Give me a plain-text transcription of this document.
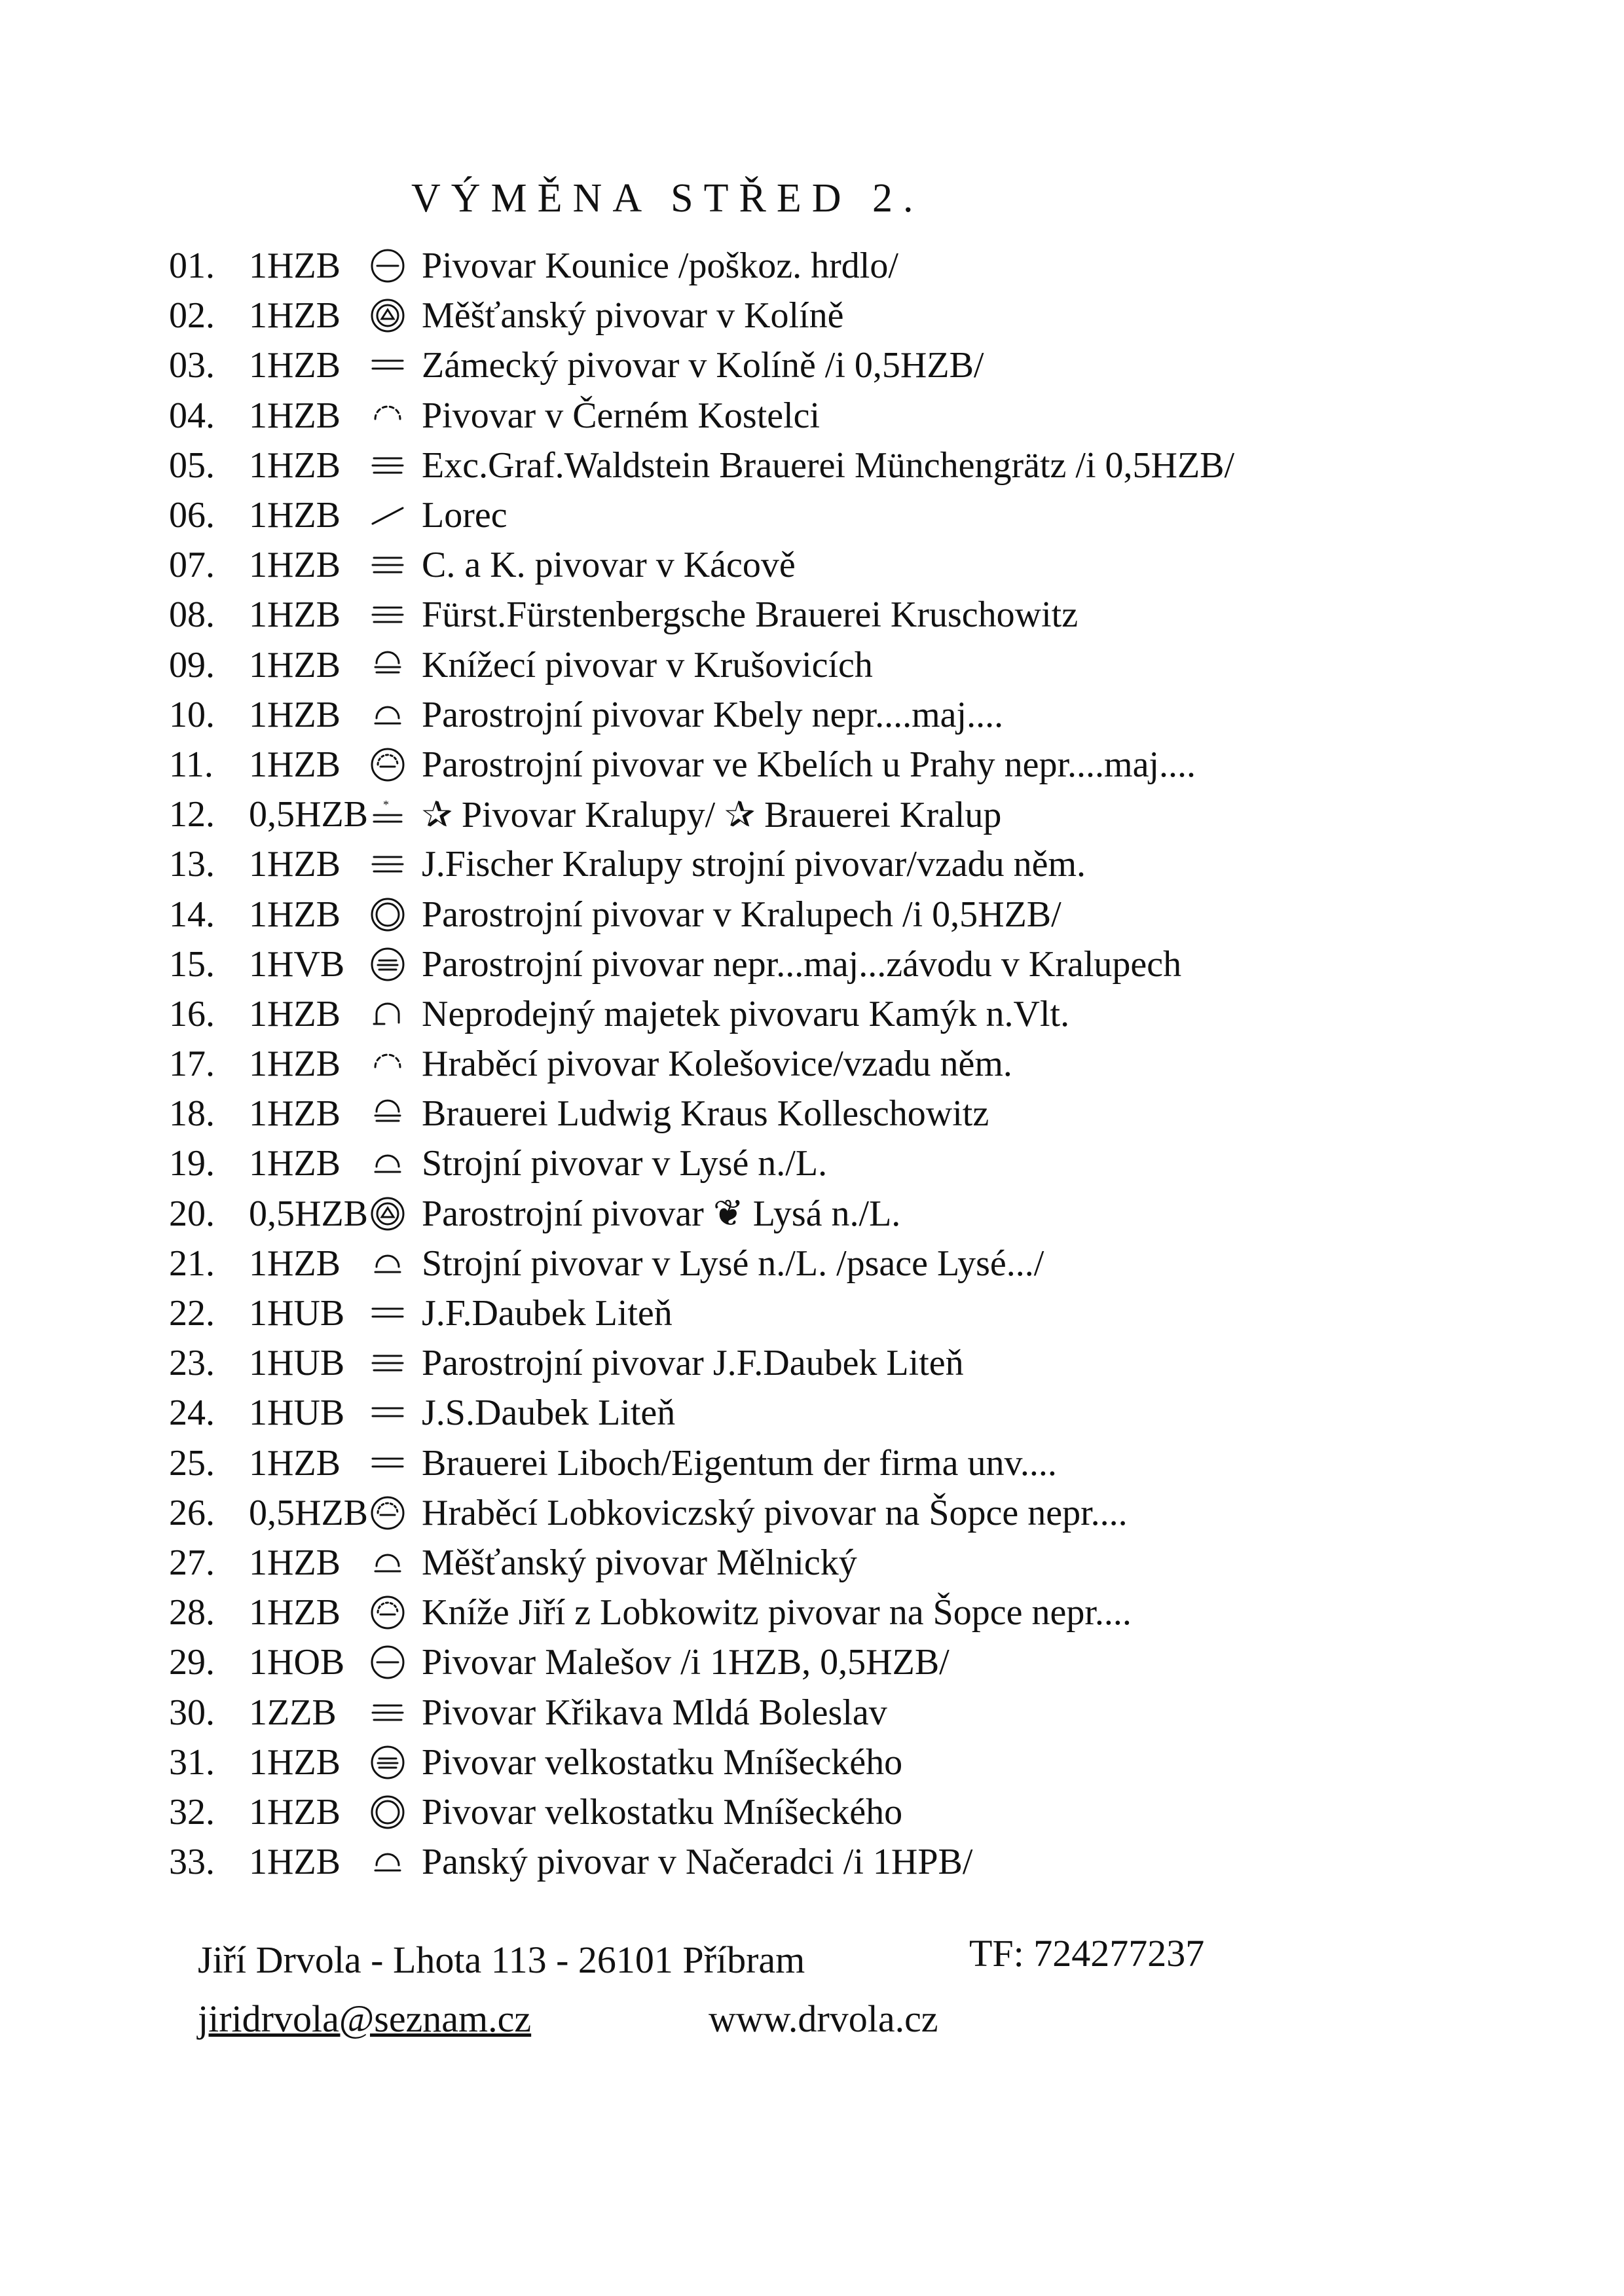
VÝMĚNA STŘED 2.
01. 1HZB	Pivovar Kounice /poškoz. hrdlo/
02. 1HZB	Měšťanský pivovar v Kolíně
03. 1HZB	Zámecký pivovar v Kolíně /i 0,5HZB/
04. 1HZB	Pivovar v Černém Kostelci
05. 1HZB	Exc.Graf.Waldstein Brauerei Münchengrätz /i 0,5HZB/
06. 1HZB	Lorec
07. 1HZB	C. a K. pivovar v Kácově
08. 1HZB	Fürst.Fürstenbergsche Brauerei Kruschowitz
09. 1HZB	Knížecí pivovar v Krušovicích
10. 1HZB	Parostrojní pivovar Kbely nepr....maj....
11. 1HZB	Parostrojní pivovar ve Kbelích u Prahy nepr....maj....
12. 0,5HZB * ✰ Pivovar Kralupy/ ✰ Brauerei Kralup
13. 1HZB	J.Fischer Kralupy strojní pivovar/vzadu něm.
14. 1HZB	Parostrojní pivovar v Kralupech /i 0,5HZB/
15. 1HVB	Parostrojní pivovar nepr...maj...závodu v Kralupech
16. 1HZB	Neprodejný majetek pivovaru Kamýk n.Vlt.
17. 1HZB	Hraběcí pivovar Kolešovice/vzadu něm.
18. 1HZB	Brauerei Ludwig Kraus Kolleschowitz
19. 1HZB	Strojní pivovar v Lysé n./L.
20. 0,5HZB Parostrojní pivovar ❦ Lysá n./L.
21. 1HZB	Strojní pivovar v Lysé n./L. /psace Lysé.../
22. 1HUB	J.F.Daubek Liteň
23. 1HUB	Parostrojní pivovar J.F.Daubek Liteň
24. 1HUB	J.S.Daubek Liteň
25. 1HZB	Brauerei Liboch/Eigentum der firma unv....
26. 0,5HZB Hraběcí Lobkoviczský pivovar na Šopce nepr....
27. 1HZB	Měšťanský pivovar Mělnický
28. 1HZB	Kníže Jiří z Lobkowitz pivovar na Šopce nepr....
29. 1HOB	Pivovar Malešov /i 1HZB, 0,5HZB/
30. 1ZZB	Pivovar Křikava Mldá Boleslav
31. 1HZB	Pivovar velkostatku Mníšeckého
32. 1HZB	Pivovar velkostatku Mníšeckého
33. 1HZB	Panský pivovar v Načeradci /i 1HPB/
Jiří Drvola - Lhota 113 - 26101 Příbram	TF: 724277237
jiridrvola@seznam.cz	www.drvola.cz
